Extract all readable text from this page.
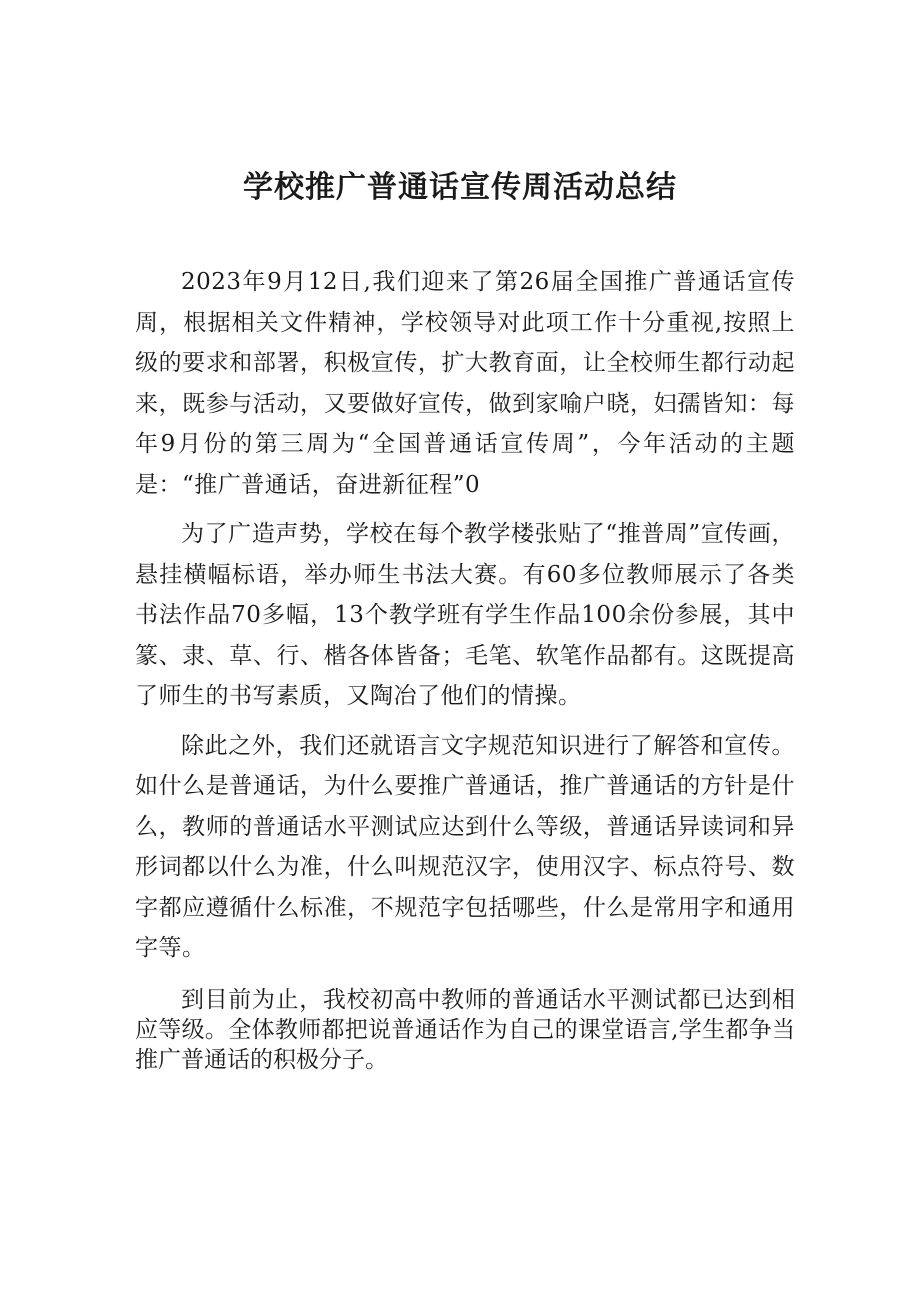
学校推广普通话宣传周活动总结

2023年9月12日,我们迎来了第26届全国推广普通话宣传周，根据相关文件精神，学校领导对此项工作十分重视,按照上级的要求和部署，积极宣传，扩大教育面，让全校师生都行动起来，既参与活动，又要做好宣传，做到家喻户晓，妇孺皆知：每年9月份的第三周为“全国普通话宣传周”，今年活动的主题是：“推广普通话，奋进新征程”0

为了广造声势，学校在每个教学楼张贴了“推普周”宣传画，悬挂横幅标语，举办师生书法大赛。有60多位教师展示了各类书法作品70多幅，13个教学班有学生作品100余份参展，其中篆、隶、草、行、楷各体皆备；毛笔、软笔作品都有。这既提高了师生的书写素质，又陶冶了他们的情操。

除此之外，我们还就语言文字规范知识进行了解答和宣传。如什么是普通话，为什么要推广普通话，推广普通话的方针是什么，教师的普通话水平测试应达到什么等级，普通话异读词和异形词都以什么为准，什么叫规范汉字，使用汉字、标点符号、数字都应遵循什么标准，不规范字包括哪些，什么是常用字和通用字等。

到目前为止，我校初高中教师的普通话水平测试都已达到相应等级。全体教师都把说普通话作为自己的课堂语言,学生都争当推广普通话的积极分子。
